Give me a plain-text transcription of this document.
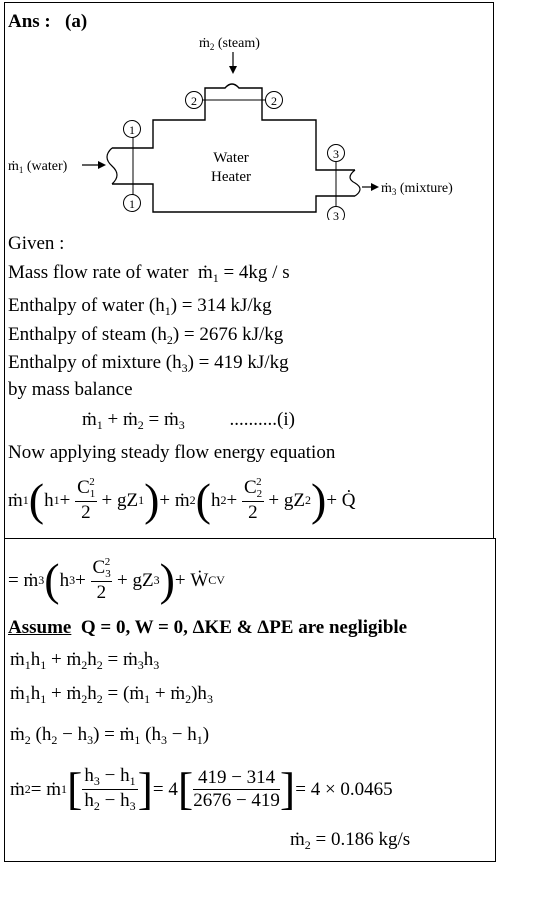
Ans : (a)
1
1
2	2
3
3
ṁ$_2$ (steam)
ṁ$_1$ (water)
ṁ$_3$ (mixture)
Water
Heater
Given :
Mass flow rate of water ṁ$_1$ = 4kg / s
Enthalpy of water $(h_1) = 314$ kJ/kg
Enthalpy of steam $(h_2) = 2676$ kJ/kg
Enthalpy of mixture $(h_3) = 419$ kJ/kg
by mass balance
ṁ$_1$ + ṁ$_2$ = ṁ$_3$ ..........(i)
Now applying steady flow energy equation
ṁ 1 ( h $1 + \frac{C_1^2}{2}$ + gZ 1 ) + ṁ 2 ( h $2 + \frac{C_2^2}{2}$ + gZ 2 ) + Q̇
= ṁ 3 ( h $3 + \frac{C_3^2}{2}$ + gZ 3 ) + Ẇ CV
Assume Q = 0, W = 0, ΔKE & ΔPE are negligible
$ṁ_1h_1$ + $ṁ_2h_2$ = $ṁ_3h_3$
$ṁ_1h_1$ + $ṁ_2h_2$ = (ṁ$_1$ + $ṁ_2)h_3$
ṁ$_2$ $(h_2 - h_3)$ = ṁ$_1$ $(h_3 - h_1)$
ṁ 2 = ṁ 1 [ $\frac{h_3 - h_1}{h_2 - h_3}$ ] = 4 [ $\frac{419 - 314}{2676 - 419}$ ] = 4 × 0.0465
ṁ$_2$ = 0.186 kg/s
